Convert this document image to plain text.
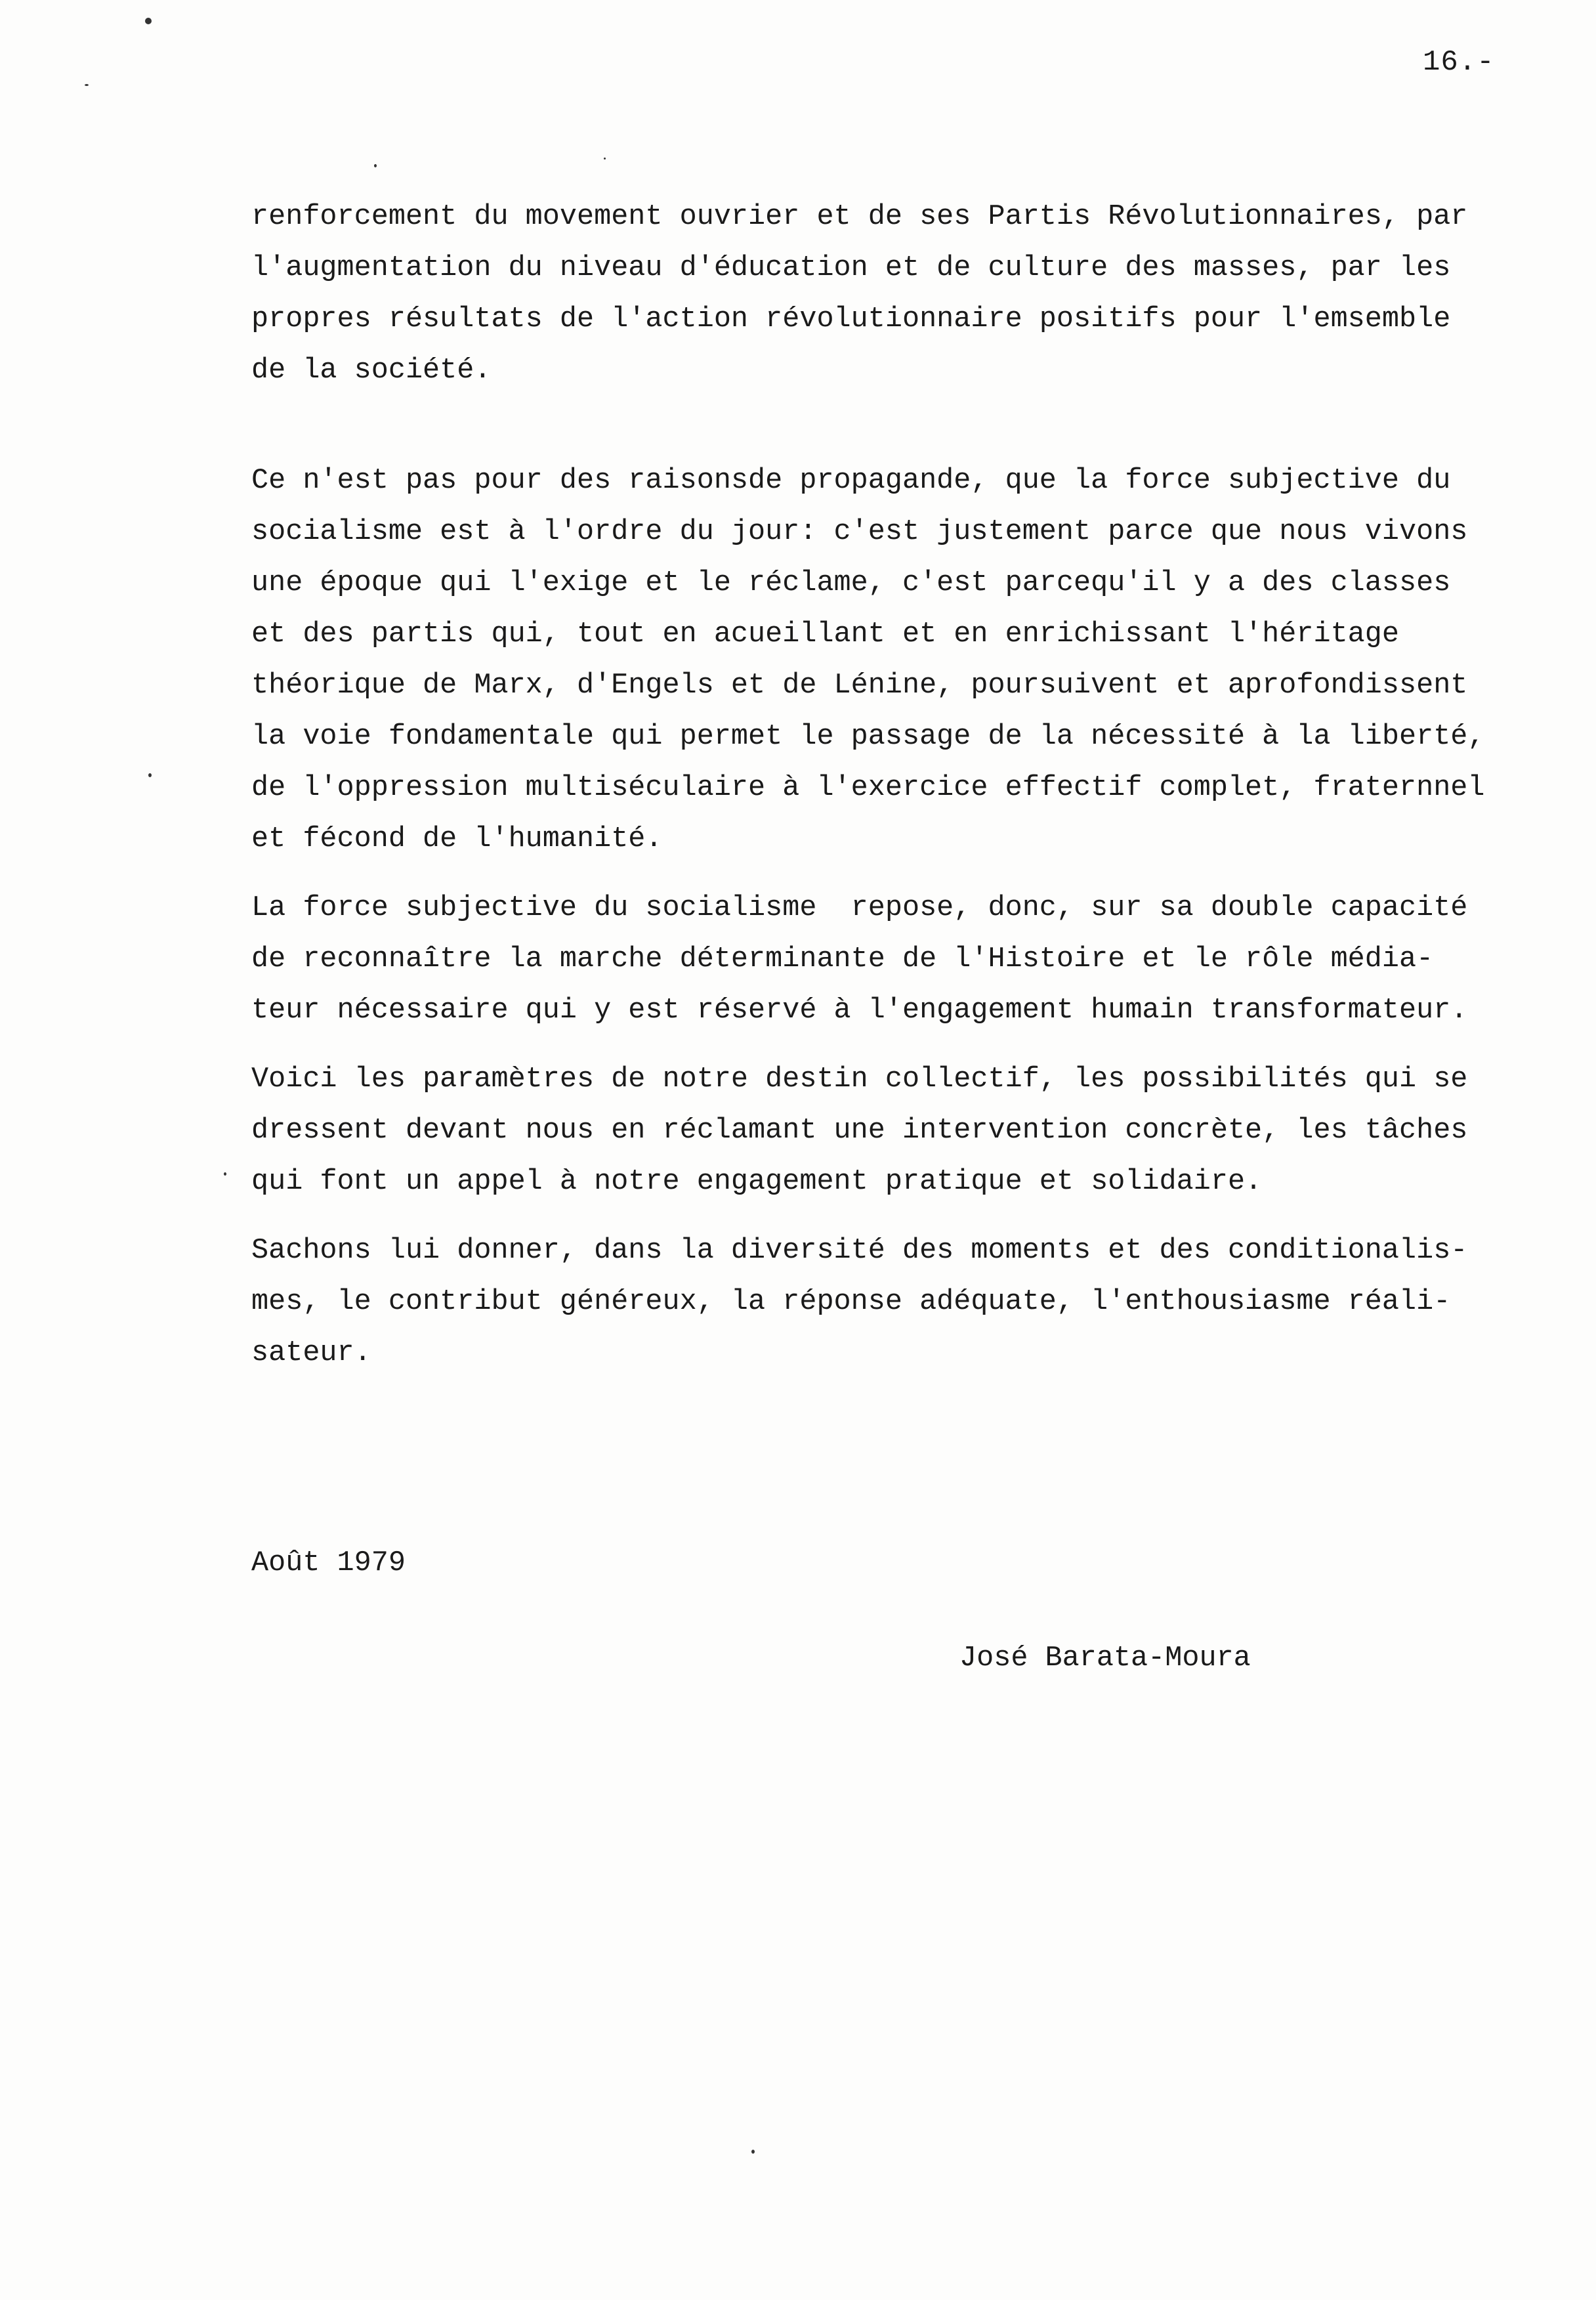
16.-

renforcement du movement ouvrier et de ses Partis Révolutionnaires, par
l'augmentation du niveau d'éducation et de culture des masses, par les
propres résultats de l'action révolutionnaire positifs pour l'emsemble
de la société.

Ce n'est pas pour des raisonsde propagande, que la force subjective du
socialisme est à l'ordre du jour: c'est justement parce que nous vivons
une époque qui l'exige et le réclame, c'est parcequ'il y a des classes
et des partis qui, tout en acueillant et en enrichissant l'héritage
théorique de Marx, d'Engels et de Lénine, poursuivent et aprofondissent
la voie fondamentale qui permet le passage de la nécessité à la liberté,
de l'oppression multiséculaire à l'exercice effectif complet, fraternnel
et fécond de l'humanité.

La force subjective du socialisme  repose, donc, sur sa double capacité
de reconnaître la marche déterminante de l'Histoire et le rôle média-
teur nécessaire qui y est réservé à l'engagement humain transformateur.

Voici les paramètres de notre destin collectif, les possibilités qui se
dressent devant nous en réclamant une intervention concrète, les tâches
qui font un appel à notre engagement pratique et solidaire.

Sachons lui donner, dans la diversité des moments et des conditionalis-
mes, le contribut généreux, la réponse adéquate, l'enthousiasme réali-
sateur.

Août 1979
José Barata-Moura
